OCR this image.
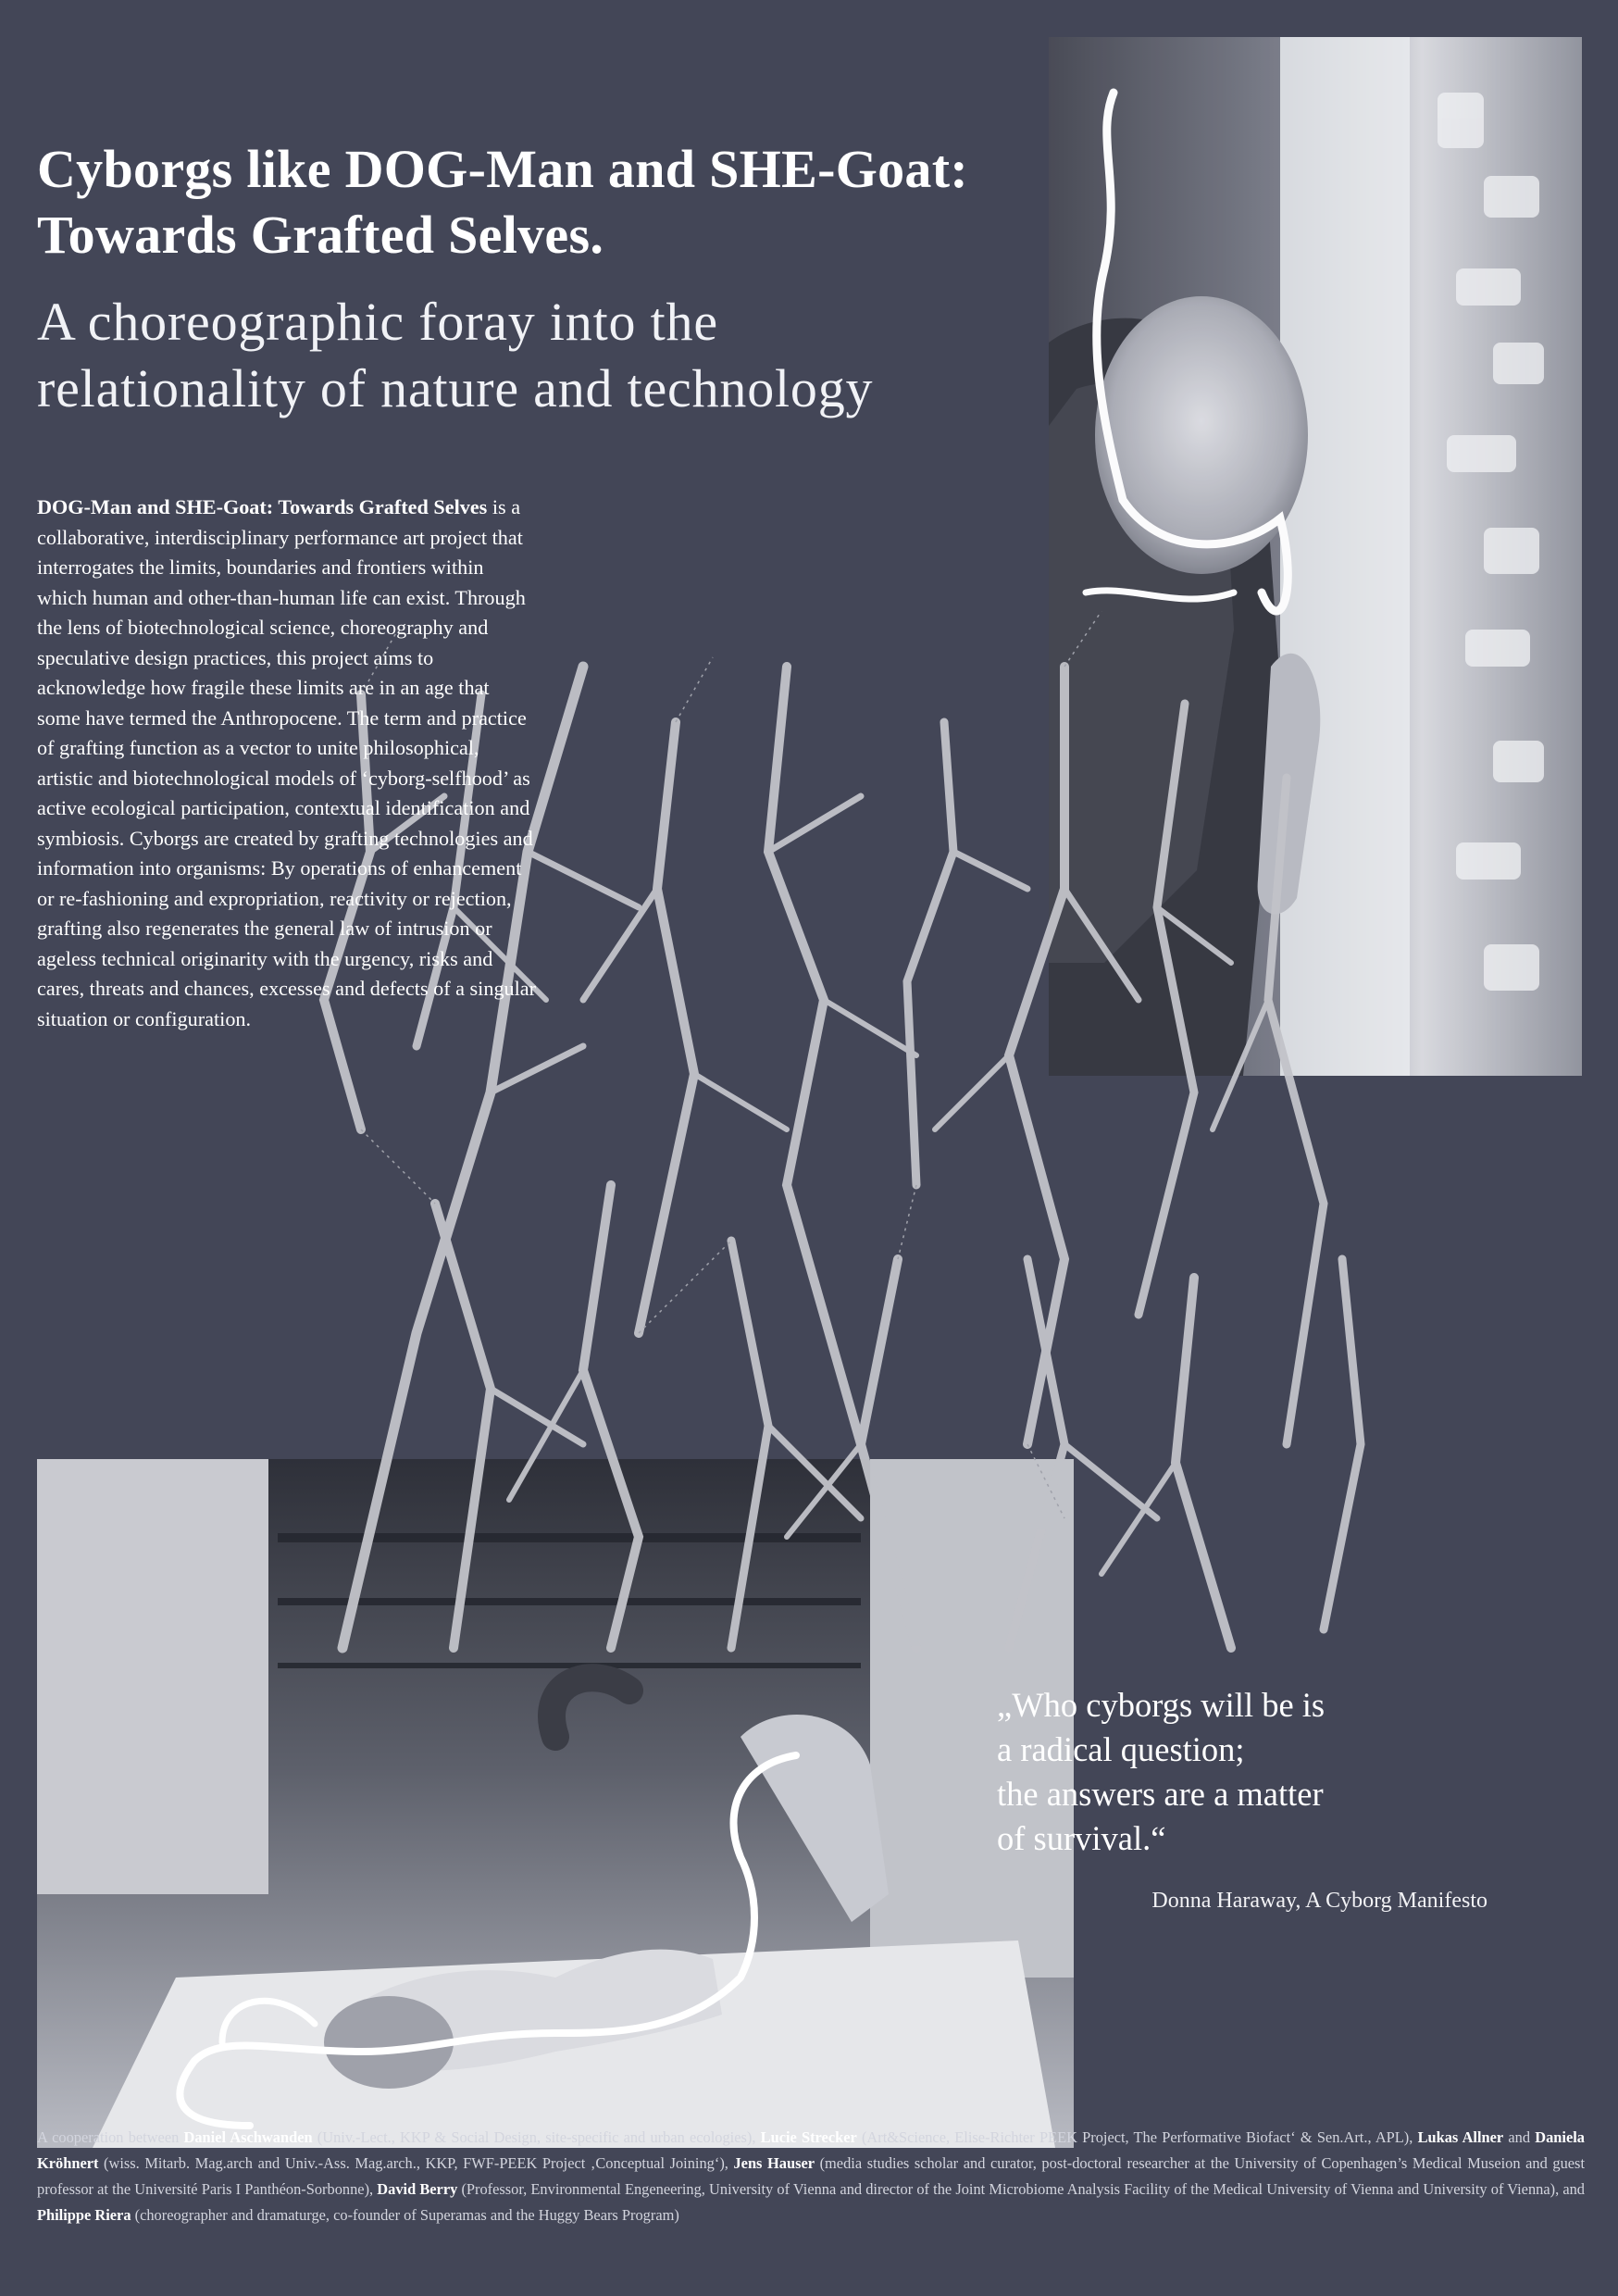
Cyborgs like DOG-Man and SHE-Goat:
Towards Grafted Selves.
A choreographic foray into the
relationality of nature and technology
DOG-Man and SHE-Goat: Towards Grafted Selves is a collaborative, interdisciplinary performance art project that interrogates the limits, boundaries and frontiers within which human and other-than-human life can exist. Through the lens of biotechnological science, choreography and speculative design practices, this project aims to acknowledge how fragile these limits are in an age that some have termed the Anthropocene. The term and practice of grafting function as a vector to unite philosophical, artistic and biotechnological models of ‘cyborg-selfhood’ as active ecological participation, contextual identification and symbiosis. Cyborgs are created by grafting technologies and information into organisms: By operations of enhancement or re-fashioning and expropriation, reactivity or rejection, grafting also regenerates the general law of intrusion or ageless technical originarity with the urgency, risks and cares, threats and chances, excesses and defects of a singular situation or configuration.
„Who cyborgs will be is
a radical question;
the answers are a matter
of survival.“
Donna Haraway, A Cyborg Manifesto
A cooperation between Daniel Aschwanden (Univ.-Lect., KKP & Social Design, site-specific and urban ecologies), Lucie Strecker (Art&Science, Elise-Richter PEEK Project, The Performative Biofact‘ & Sen.Art., APL), Lukas Allner and Daniela Kröhnert (wiss. Mitarb. Mag.arch and Univ.-Ass. Mag.arch., KKP, FWF-PEEK Project ‚Conceptual Joining‘), Jens Hauser (media studies scholar and curator, post-doctoral researcher at the University of Copenhagen’s Medical Museion and guest professor at the Université Paris I Panthéon-Sorbonne), David Berry (Professor, Environmental Engeneering, University of Vienna and director of the Joint Microbiome Analysis Facility of the Medical University of Vienna and University of Vienna), and Philippe Riera (choreographer and dramaturge, co-founder of Superamas and the Huggy Bears Program)
